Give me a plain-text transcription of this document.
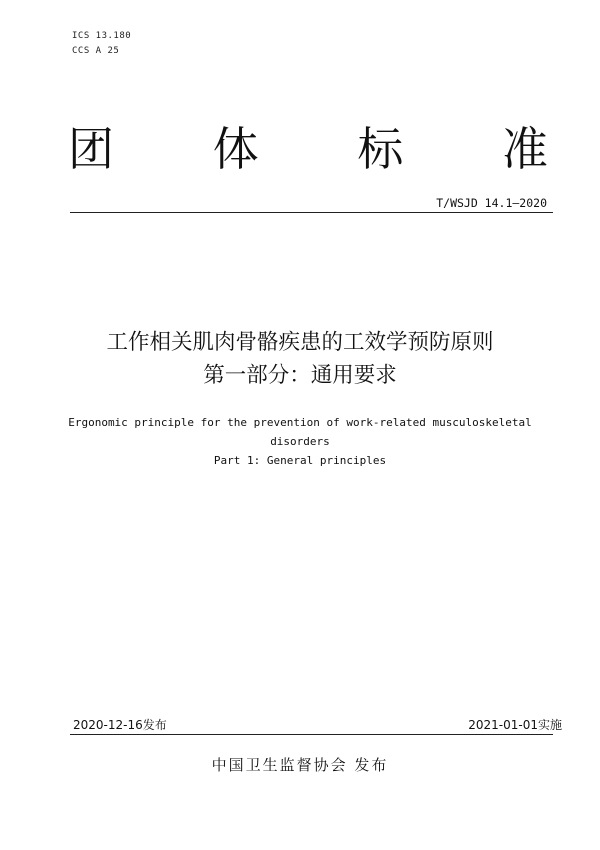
ICS 13.180
CCS A 25
团 体 标 准
T/WSJD 14.1—2020
工作相关肌肉骨骼疾患的工效学预防原则
第一部分：通用要求
Ergonomic principle for the prevention of work-related musculoskeletal
disorders
Part 1: General principles
2020-12-16发布	2021-01-01实施
中国卫生监督协会 发布
